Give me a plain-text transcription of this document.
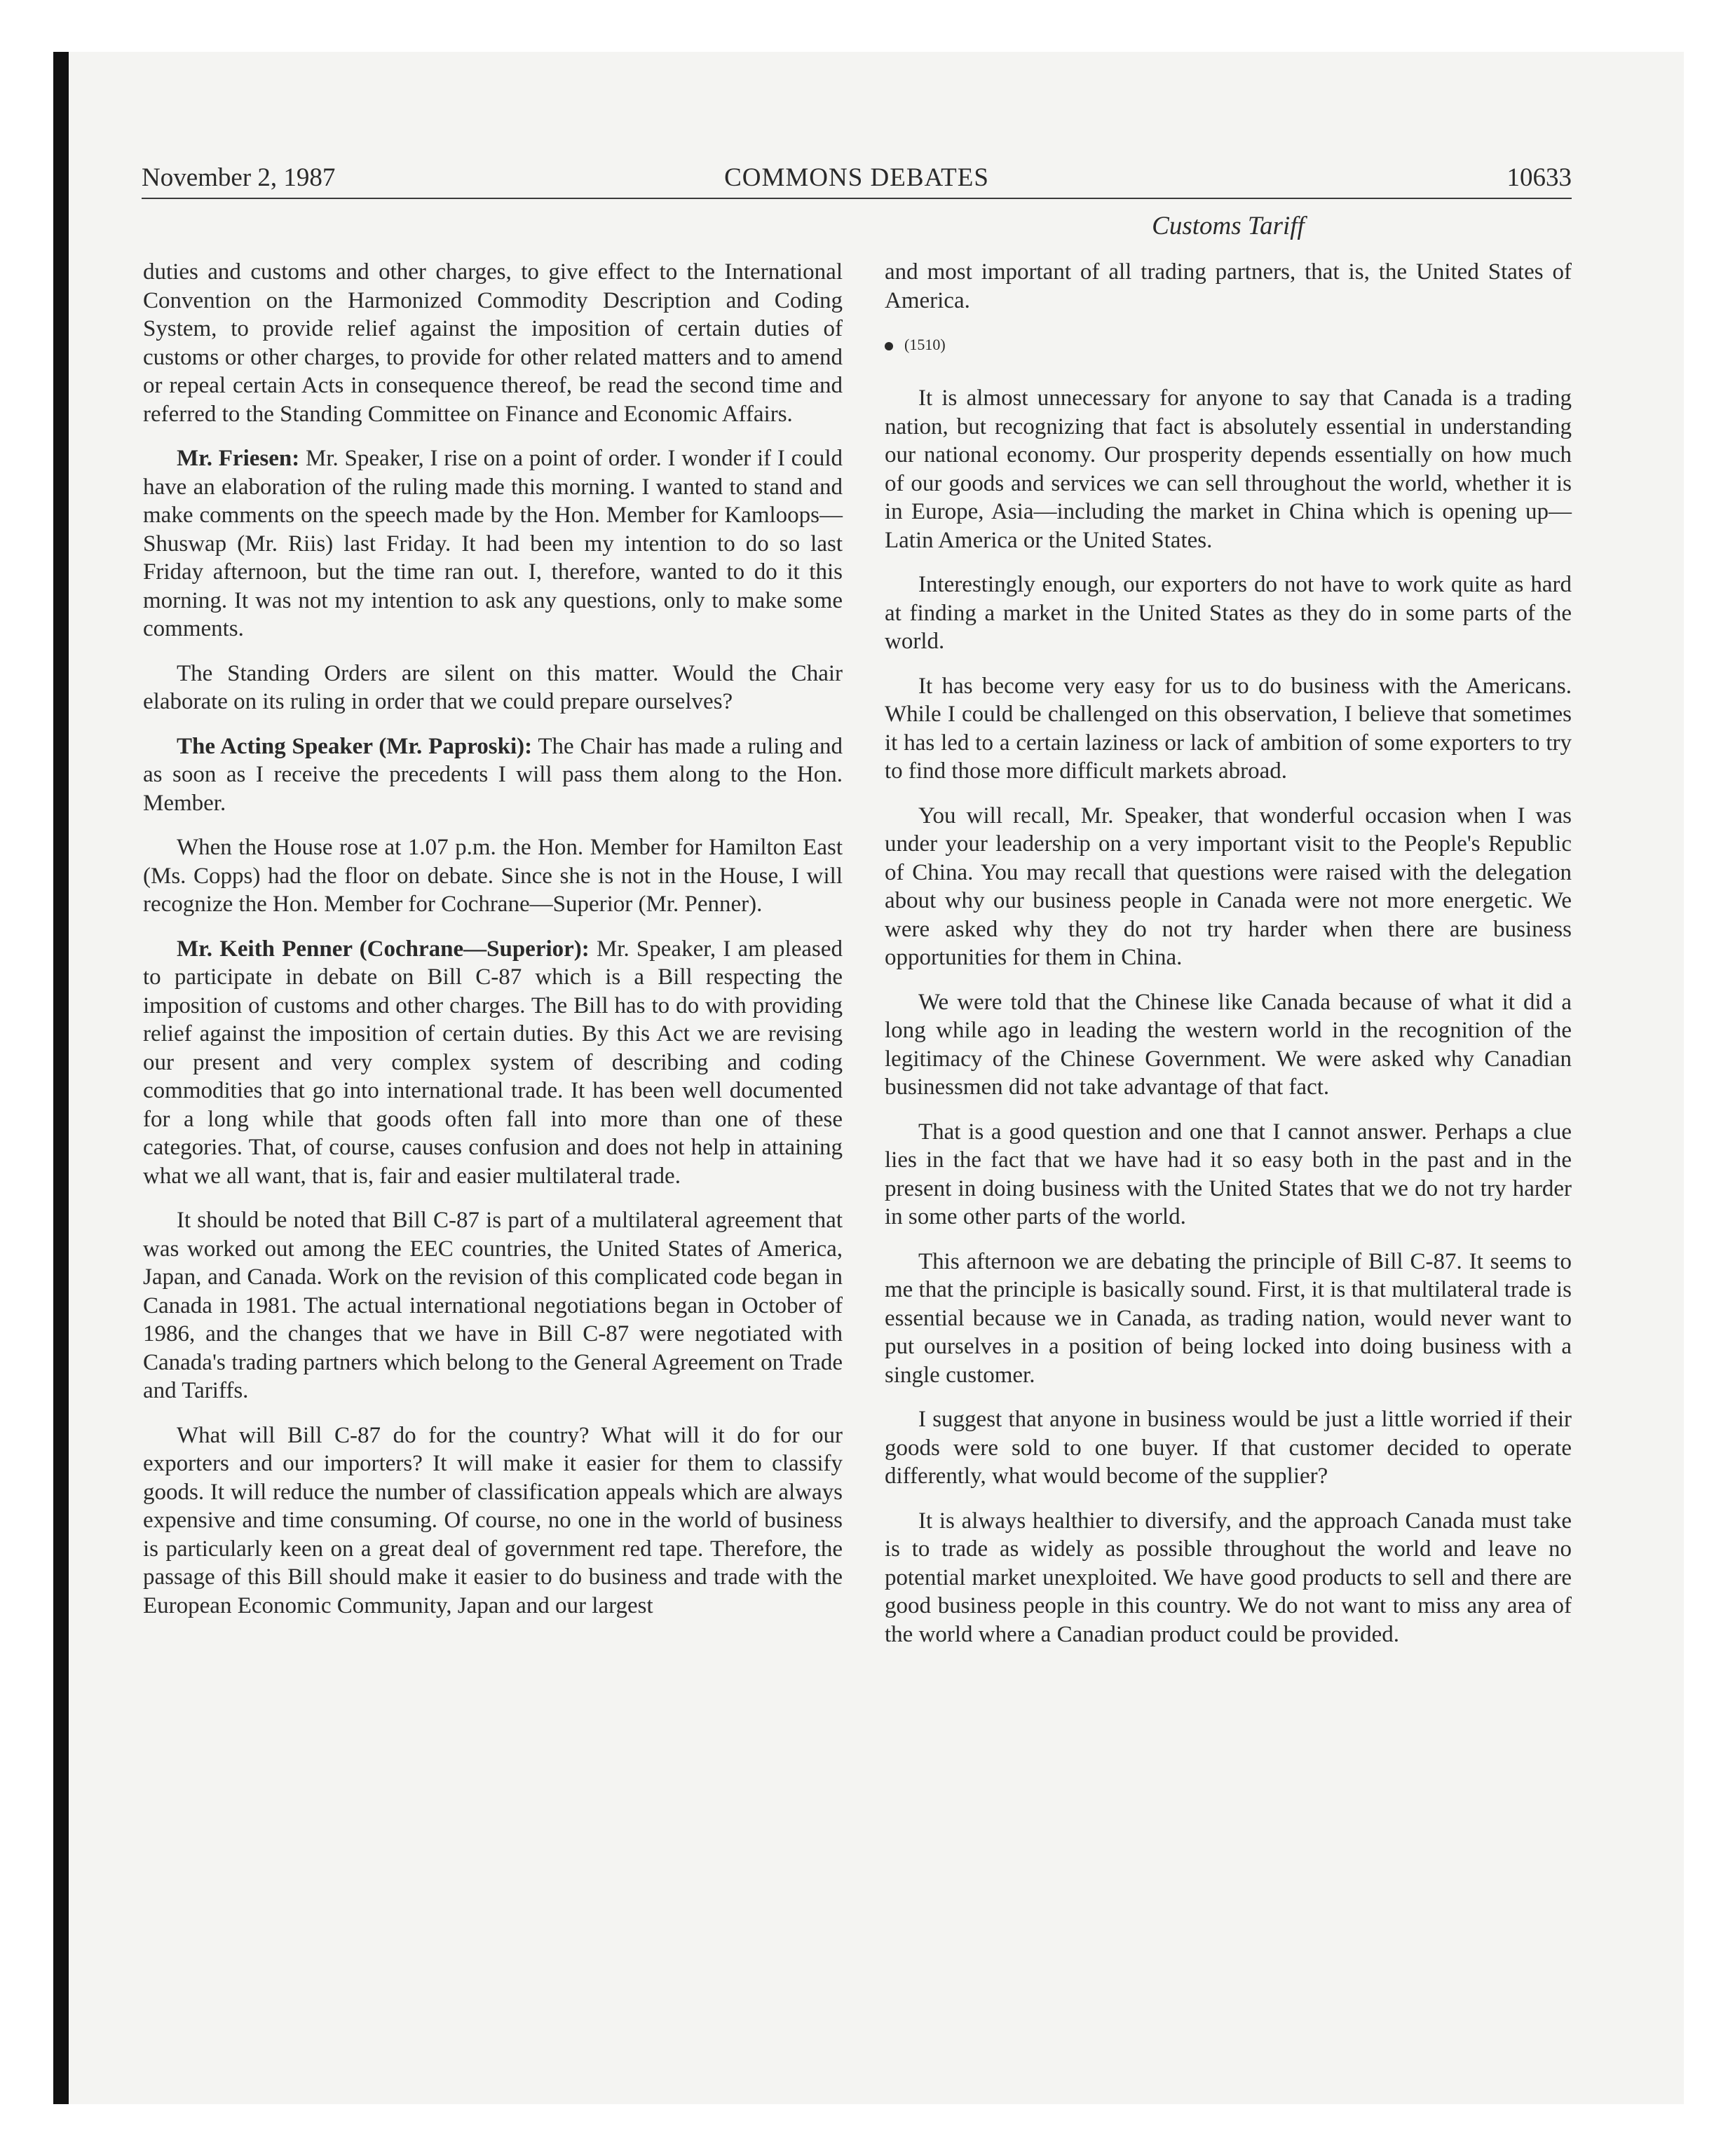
November 2, 1987	COMMONS DEBATES	10633
Customs Tariff

duties and customs and other charges, to give effect to the International Convention on the Harmonized Commodity Description and Coding System, to provide relief against the imposition of certain duties of customs or other charges, to provide for other related matters and to amend or repeal certain Acts in consequence thereof, be read the second time and referred to the Standing Committee on Finance and Economic Affairs.

Mr. Friesen: Mr. Speaker, I rise on a point of order. I wonder if I could have an elaboration of the ruling made this morning. I wanted to stand and make comments on the speech made by the Hon. Member for Kamloops—Shuswap (Mr. Riis) last Friday. It had been my intention to do so last Friday afternoon, but the time ran out. I, therefore, wanted to do it this morning. It was not my intention to ask any questions, only to make some comments.

The Standing Orders are silent on this matter. Would the Chair elaborate on its ruling in order that we could prepare ourselves?

The Acting Speaker (Mr. Paproski): The Chair has made a ruling and as soon as I receive the precedents I will pass them along to the Hon. Member.

When the House rose at 1.07 p.m. the Hon. Member for Hamilton East (Ms. Copps) had the floor on debate. Since she is not in the House, I will recognize the Hon. Member for Cochrane—Superior (Mr. Penner).

Mr. Keith Penner (Cochrane—Superior): Mr. Speaker, I am pleased to participate in debate on Bill C-87 which is a Bill respecting the imposition of customs and other charges. The Bill has to do with providing relief against the imposition of certain duties. By this Act we are revising our present and very complex system of describing and coding commodities that go into international trade. It has been well documented for a long while that goods often fall into more than one of these categories. That, of course, causes confusion and does not help in attaining what we all want, that is, fair and easier multilateral trade.

It should be noted that Bill C-87 is part of a multilateral agreement that was worked out among the EEC countries, the United States of America, Japan, and Canada. Work on the revision of this complicated code began in Canada in 1981. The actual international negotiations began in October of 1986, and the changes that we have in Bill C-87 were negotiated with Canada's trading partners which belong to the General Agreement on Trade and Tariffs.

What will Bill C-87 do for the country? What will it do for our exporters and our importers? It will make it easier for them to classify goods. It will reduce the number of classification appeals which are always expensive and time consuming. Of course, no one in the world of business is particularly keen on a great deal of government red tape. Therefore, the passage of this Bill should make it easier to do business and trade with the European Economic Community, Japan and our largest

and most important of all trading partners, that is, the United States of America.

(1510)

It is almost unnecessary for anyone to say that Canada is a trading nation, but recognizing that fact is absolutely essential in understanding our national economy. Our prosperity depends essentially on how much of our goods and services we can sell throughout the world, whether it is in Europe, Asia—including the market in China which is opening up—Latin America or the United States.

Interestingly enough, our exporters do not have to work quite as hard at finding a market in the United States as they do in some parts of the world.

It has become very easy for us to do business with the Americans. While I could be challenged on this observation, I believe that sometimes it has led to a certain laziness or lack of ambition of some exporters to try to find those more difficult markets abroad.

You will recall, Mr. Speaker, that wonderful occasion when I was under your leadership on a very important visit to the People's Republic of China. You may recall that questions were raised with the delegation about why our business people in Canada were not more energetic. We were asked why they do not try harder when there are business opportunities for them in China.

We were told that the Chinese like Canada because of what it did a long while ago in leading the western world in the recognition of the legitimacy of the Chinese Government. We were asked why Canadian businessmen did not take advantage of that fact.

That is a good question and one that I cannot answer. Perhaps a clue lies in the fact that we have had it so easy both in the past and in the present in doing business with the United States that we do not try harder in some other parts of the world.

This afternoon we are debating the principle of Bill C-87. It seems to me that the principle is basically sound. First, it is that multilateral trade is essential because we in Canada, as trading nation, would never want to put ourselves in a position of being locked into doing business with a single customer.

I suggest that anyone in business would be just a little worried if their goods were sold to one buyer. If that customer decided to operate differently, what would become of the supplier?

It is always healthier to diversify, and the approach Canada must take is to trade as widely as possible throughout the world and leave no potential market unexploited. We have good products to sell and there are good business people in this country. We do not want to miss any area of the world where a Canadian product could be provided.
